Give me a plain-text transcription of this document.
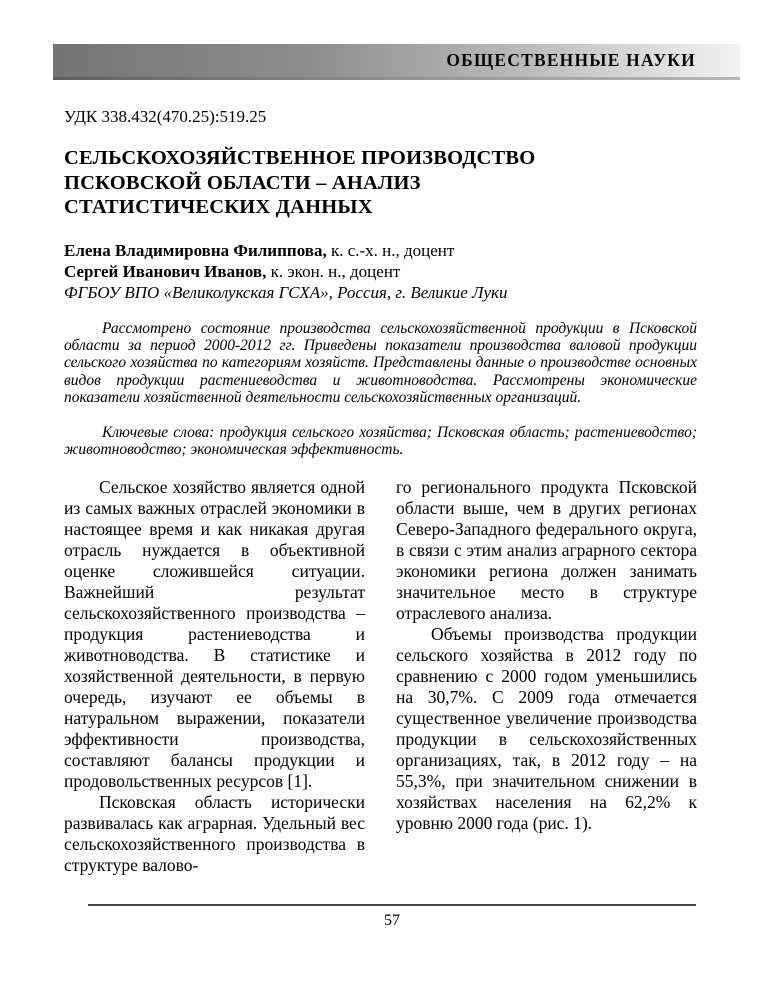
ОБЩЕСТВЕННЫЕ НАУКИ
УДК 338.432(470.25):519.25
СЕЛЬСКОХОЗЯЙСТВЕННОЕ ПРОИЗВОДСТВО
ПСКОВСКОЙ ОБЛАСТИ – АНАЛИЗ
СТАТИСТИЧЕСКИХ ДАННЫХ
Елена Владимировна Филиппова, к. с.-х. н., доцент
Сергей Иванович Иванов, к. экон. н., доцент
ФГБОУ ВПО «Великолукская ГСХА», Россия, г. Великие Луки

Рассмотрено состояние производства сельскохозяйственной продукции в Псковской области за период 2000-2012 гг. Приведены показатели производства валовой продукции сельского хозяйства по категориям хозяйств. Представлены данные о производстве основных видов продукции растениеводства и животноводства. Рассмотрены экономические показатели хозяйственной деятельности сельскохозяйственных организаций.

Ключевые слова: продукция сельского хозяйства; Псковская область; растениеводство; животноводство; экономическая эффективность.

Сельское хозяйство является одной из самых важных отраслей экономики в настоящее время и как никакая другая отрасль нуждается в объективной оценке сложившейся ситуации. Важнейший результат сельскохозяйственного производства – продукция растениеводства и животноводства. В статистике и хозяйственной деятельности, в первую очередь, изучают ее объемы в натуральном выражении, показатели эффективности производства, составляют балансы продукции и продовольственных ресурсов [1].

Псковская область исторически развивалась как аграрная. Удельный вес сельскохозяйственного производства в структуре валово-

го регионального продукта Псковской области выше, чем в других регионах Северо-Западного федерального округа, в связи с этим анализ аграрного сектора экономики региона должен занимать значительное место в структуре отраслевого анализа.

Объемы производства продукции сельского хозяйства в 2012 году по сравнению с 2000 годом уменьшились на 30,7%. С 2009 года отмечается существенное увеличение производства продукции в сельскохозяйственных организациях, так, в 2012 году – на 55,3%, при значительном снижении в хозяйствах населения на 62,2% к уровню 2000 года (рис. 1).

57
